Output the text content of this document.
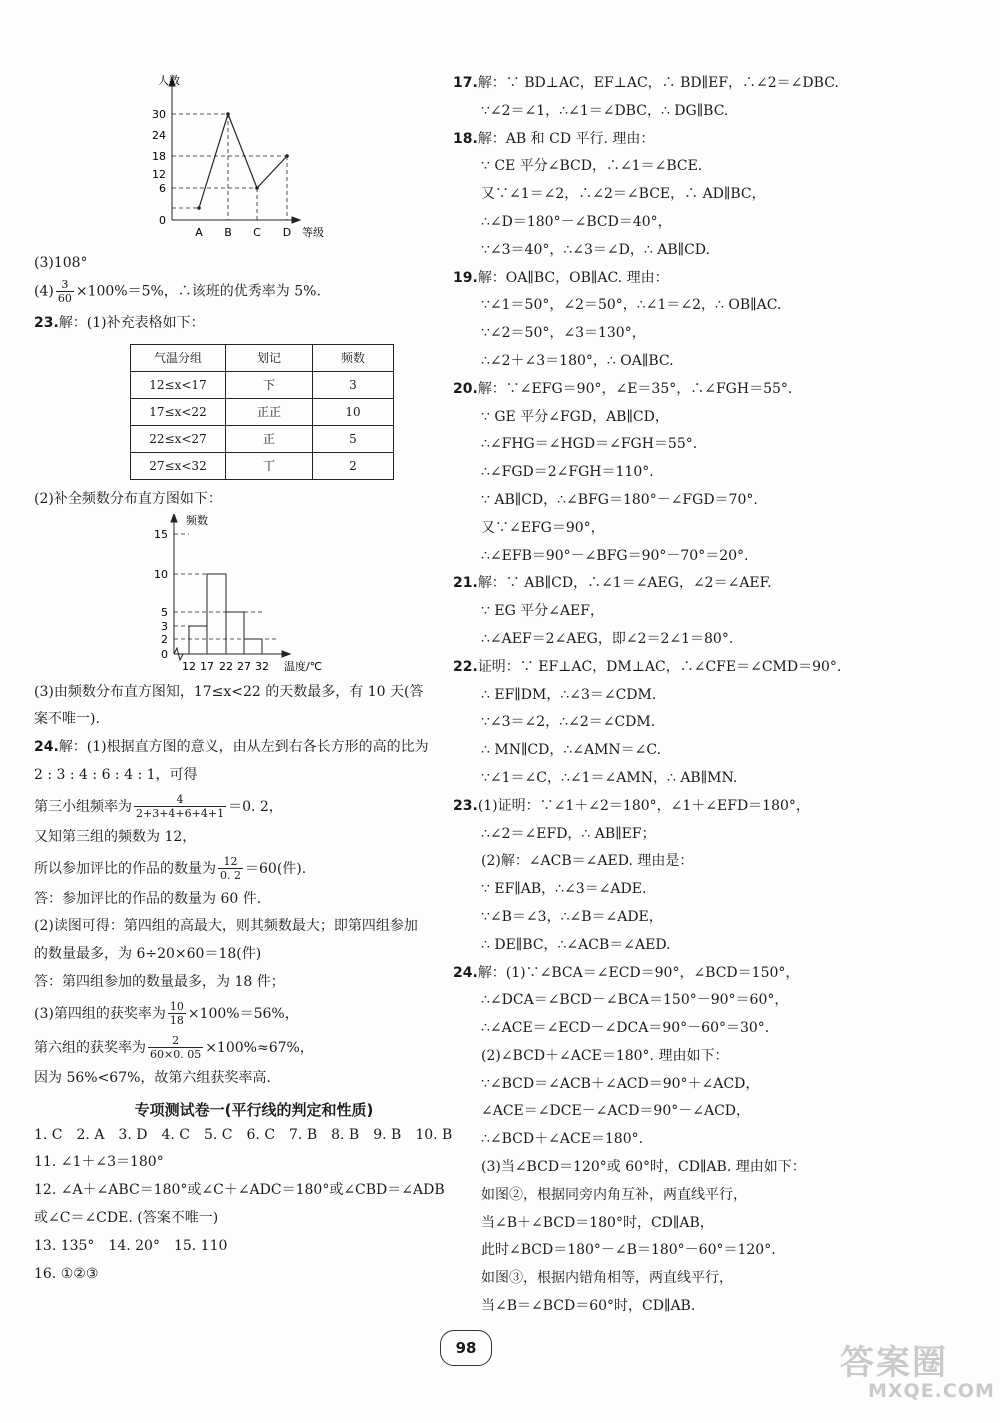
人数
等级
0
6
12
18
24
30
A B C D
(3)108°
$(4) \frac{3}{60} \times 100\%=5\%$，∴该班的优秀率为 5%.
23.解：(1)补充表格如下：
气温分组	划记	频数
12≤x<17	下	3
17≤x<22	正正	10
22≤x<27	正	5
27≤x<32	丅	2
(2)补全频数分布直方图如下：
频数
温度/℃
0
2
3
5
10
15
12 17 22 27 32
(3)由频数分布直方图知，17≤x<22 的天数最多，有 10 天(答
案不唯一).
24.解：(1)根据直方图的意义，由从左到右各长方形的高的比为
2 : 3 : 4 : 6 : 4 : 1，可得
第三小组频率为 $\frac{4}{2+3+4+6+4+1} =0$. 2，
又知第三组的频数为 12，
所以参加评比的作品的数量为 $\frac{12}{0. 2} =60$(件).
答：参加评比的作品的数量为 60 件.
(2)读图可得：第四组的高最大，则其频数最大；即第四组参加
的数量最多，为 6÷20×60＝18(件)
答：第四组参加的数量最多，为 18 件；
(3)第四组的获奖率为 $\frac{10}{18} \times 100\%=56\%$，
第六组的获奖率为 $\frac{2}{60\times 0. 05} \times 100\%\approx 67\%$，
因为 56%<67%，故第六组获奖率高.
专项测试卷一(平行线的判定和性质)
1. C　2. A　3. D　4. C　5. C　6. C　7. B　8. B　9. B　10. B
11. ∠1＋∠3＝180°
12. ∠A＋∠ABC＝180°或∠C＋∠ADC＝180°或∠CBD＝∠ADB
或∠C＝∠CDE. (答案不唯一)
13. 135°　14. 20°　15. 110
16. ①②③
17.解：∵ BD⊥AC，EF⊥AC，∴ BD∥EF，∴∠2＝∠DBC.
∵∠2＝∠1，∴∠1＝∠DBC，∴ DG∥BC.
18.解：AB 和 CD 平行. 理由：
∵ CE 平分∠BCD，∴∠1＝∠BCE.
又∵∠1＝∠2，∴∠2＝∠BCE，∴ AD∥BC，
∴∠D＝180°－∠BCD＝40°，
∵∠3＝40°，∴∠3＝∠D，∴ AB∥CD.
19.解：OA∥BC，OB∥AC. 理由：
∵∠1＝50°，∠2＝50°，∴∠1＝∠2，∴ OB∥AC.
∵∠2＝50°，∠3＝130°，
∴∠2＋∠3＝180°，∴ OA∥BC.
20.解：∵∠EFG＝90°，∠E＝35°，∴∠FGH＝55°.
∵ GE 平分∠FGD，AB∥CD，
∴∠FHG＝∠HGD＝∠FGH＝55°.
∴∠FGD＝2∠FGH＝110°.
∵ AB∥CD，∴∠BFG＝180°－∠FGD＝70°.
又∵∠EFG＝90°，
∴∠EFB＝90°－∠BFG＝90°－70°＝20°.
21.解：∵ AB∥CD，∴∠1＝∠AEG，∠2＝∠AEF.
∵ EG 平分∠AEF，
∴∠AEF＝2∠AEG，即∠2＝2∠1＝80°.
22.证明：∵ EF⊥AC，DM⊥AC，∴∠CFE＝∠CMD＝90°.
∴ EF∥DM，∴∠3＝∠CDM.
∵∠3＝∠2，∴∠2＝∠CDM.
∴ MN∥CD，∴∠AMN＝∠C.
∵∠1＝∠C，∴∠1＝∠AMN，∴ AB∥MN.
23.(1)证明：∵∠1＋∠2＝180°，∠1＋∠EFD＝180°，
∴∠2＝∠EFD，∴ AB∥EF；
(2)解：∠ACB＝∠AED. 理由是：
∵ EF∥AB，∴∠3＝∠ADE.
∵∠B＝∠3，∴∠B＝∠ADE，
∴ DE∥BC，∴∠ACB＝∠AED.
24.解：(1)∵∠BCA＝∠ECD＝90°，∠BCD＝150°，
∴∠DCA＝∠BCD－∠BCA＝150°－90°＝60°，
∴∠ACE＝∠ECD－∠DCA＝90°－60°＝30°.
(2)∠BCD＋∠ACE＝180°. 理由如下：
∵∠BCD＝∠ACB＋∠ACD＝90°＋∠ACD，
∠ACE＝∠DCE－∠ACD＝90°－∠ACD，
∴∠BCD＋∠ACE＝180°.
(3)当∠BCD＝120°或 60°时，CD∥AB. 理由如下：
如图②，根据同旁内角互补，两直线平行，
当∠B＋∠BCD＝180°时，CD∥AB，
此时∠BCD＝180°－∠B＝180°－60°＝120°.
如图③，根据内错角相等，两直线平行，
当∠B＝∠BCD＝60°时，CD∥AB.
98	答案圈
MXQE.COM
